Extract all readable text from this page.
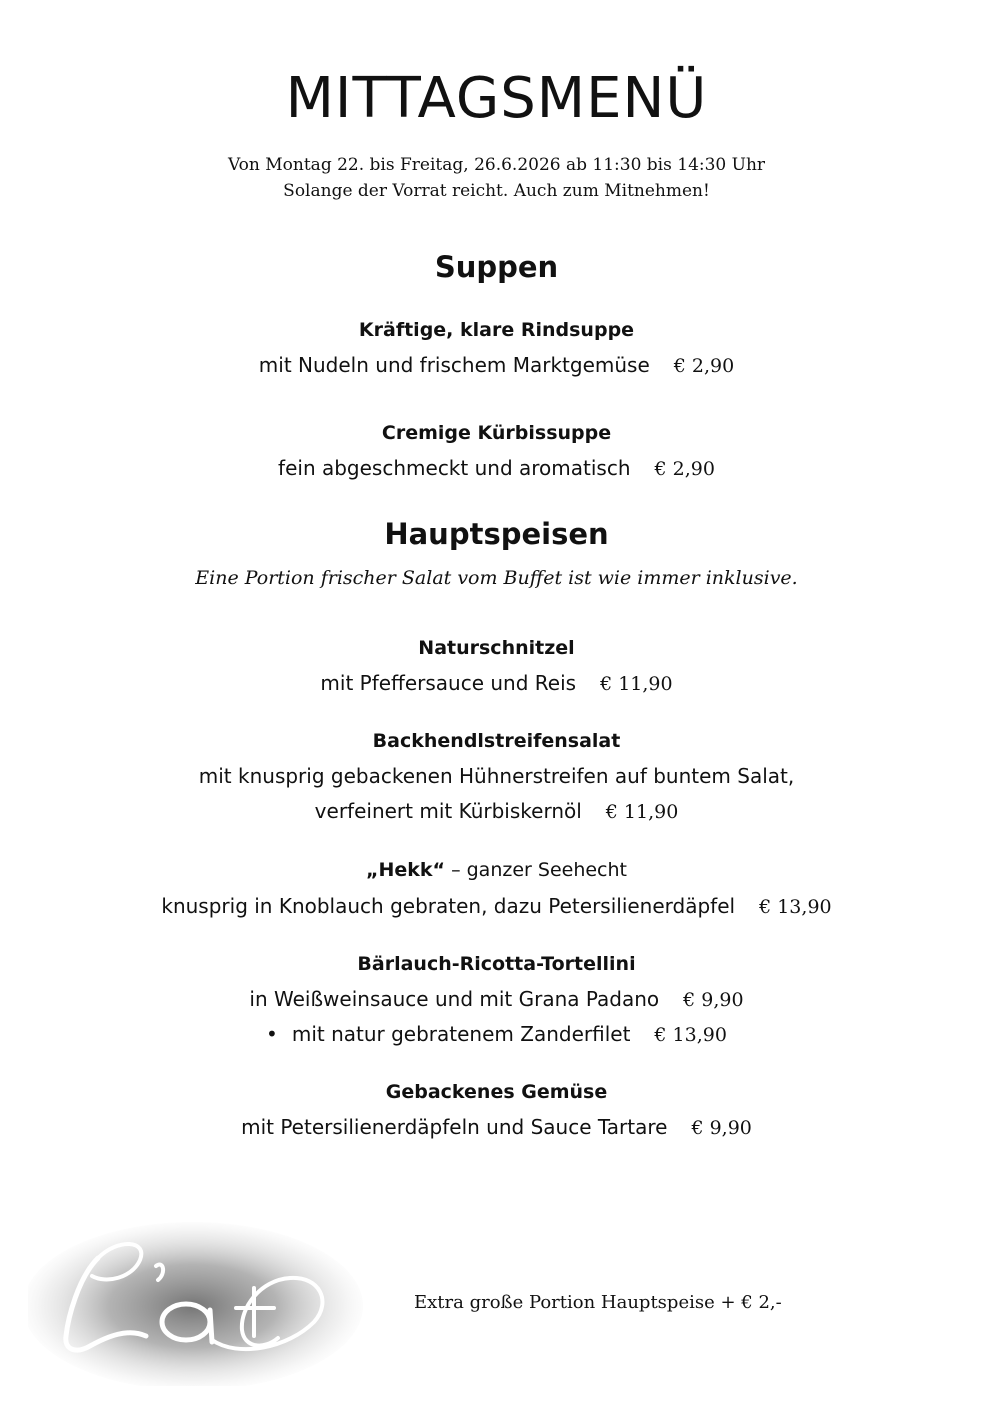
MITTAGSMENÜ
Von Montag 22. bis Freitag, 26.6.2026 ab 11:30 bis 14:30 Uhr
Solange der Vorrat reicht. Auch zum Mitnehmen!
Suppen
Kräftige, klare Rindsuppe
mit Nudeln und frischem Marktgemüse € 2,90
Cremige Kürbissuppe
fein abgeschmeckt und aromatisch € 2,90
Hauptspeisen
Eine Portion frischer Salat vom Buffet ist wie immer inklusive.
Naturschnitzel
mit Pfeffersauce und Reis € 11,90
Backhendlstreifensalat
mit knusprig gebackenen Hühnerstreifen auf buntem Salat,
verfeinert mit Kürbiskernöl € 11,90
„Hekk“ – ganzer Seehecht
knusprig in Knoblauch gebraten, dazu Petersilienerdäpfel € 13,90
Bärlauch-Ricotta-Tortellini
in Weißweinsauce und mit Grana Padano € 9,90
• mit natur gebratenem Zanderfilet € 13,90
Gebackenes Gemüse
mit Petersilienerdäpfeln und Sauce Tartare € 9,90
Extra große Portion Hauptspeise + € 2,-
